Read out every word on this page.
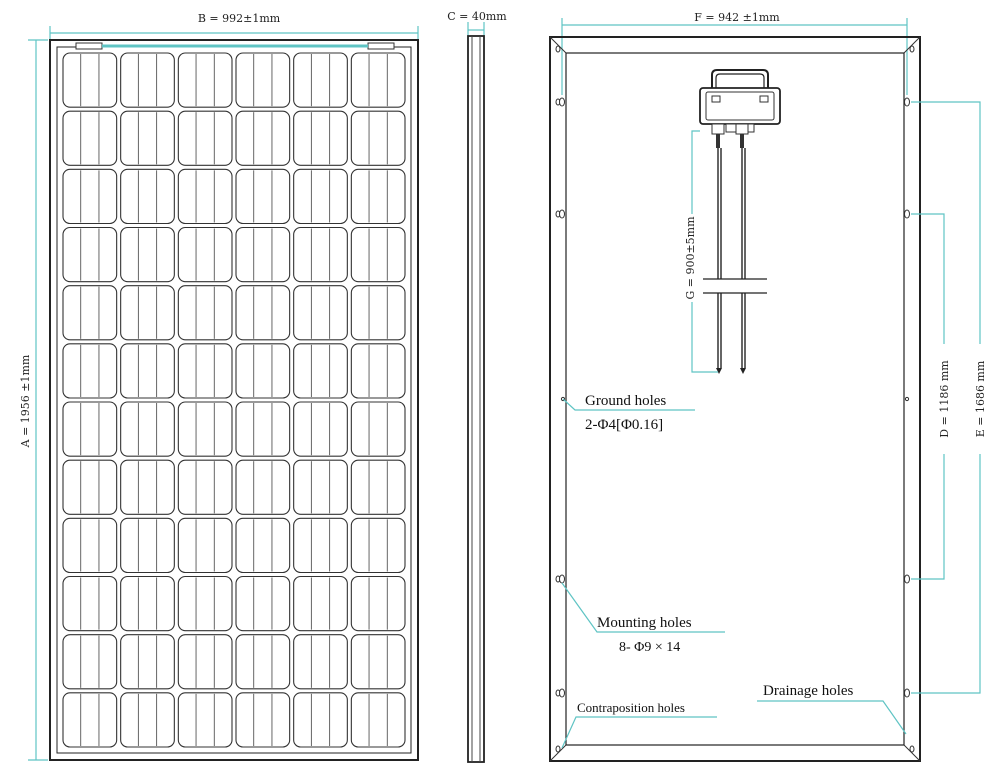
B = 992±1mm
A = 1956 ±1mm
C = 40mm	F = 942 ±1mm
E = 1686 mm
D = 1186 mm
G = 900±5mm
Ground holes
2-Φ4[Φ0.16]
Mounting holes
8- Φ9 × 14
Drainage holes
Contraposition holes
